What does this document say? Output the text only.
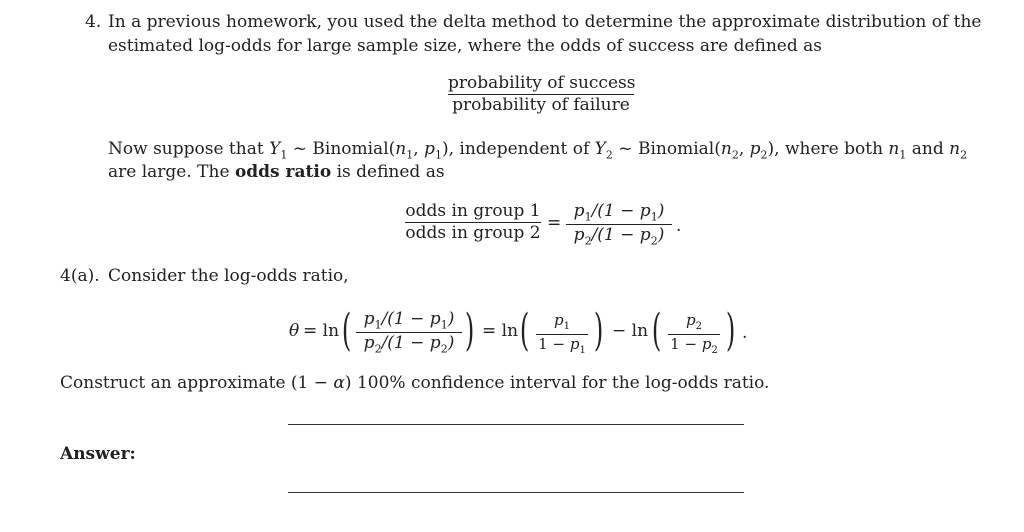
4. In a previous homework, you used the delta method to determine the approximate distribution of the
estimated log-odds for large sample size, where the odds of success are defined as
probability of success
probability of failure
Now suppose that $Y_1$ ~ $Binomial(n_1$, $p_1$), independent of $Y_2$ ~ $Binomial(n_2$, $p_2$), where both $n_1$ and $n_2$
are large. The odds ratio is defined as
odds in group 1
odds in group 2 =
$p_1/(1 - p_1)$
$p_2/(1 - p_2)$ .
4(a). Consider the log-odds ratio,
θ = ln ( $p_1/(1 - p_1)$
$p_2/(1 - p_2)$ ) = ln (	$p_1$
$1 - p_1$ ) − ln (	$p_2$
$1 - p_2$ ) .
Construct an approximate (1 − α) 100% confidence interval for the log-odds ratio.
Answer:
